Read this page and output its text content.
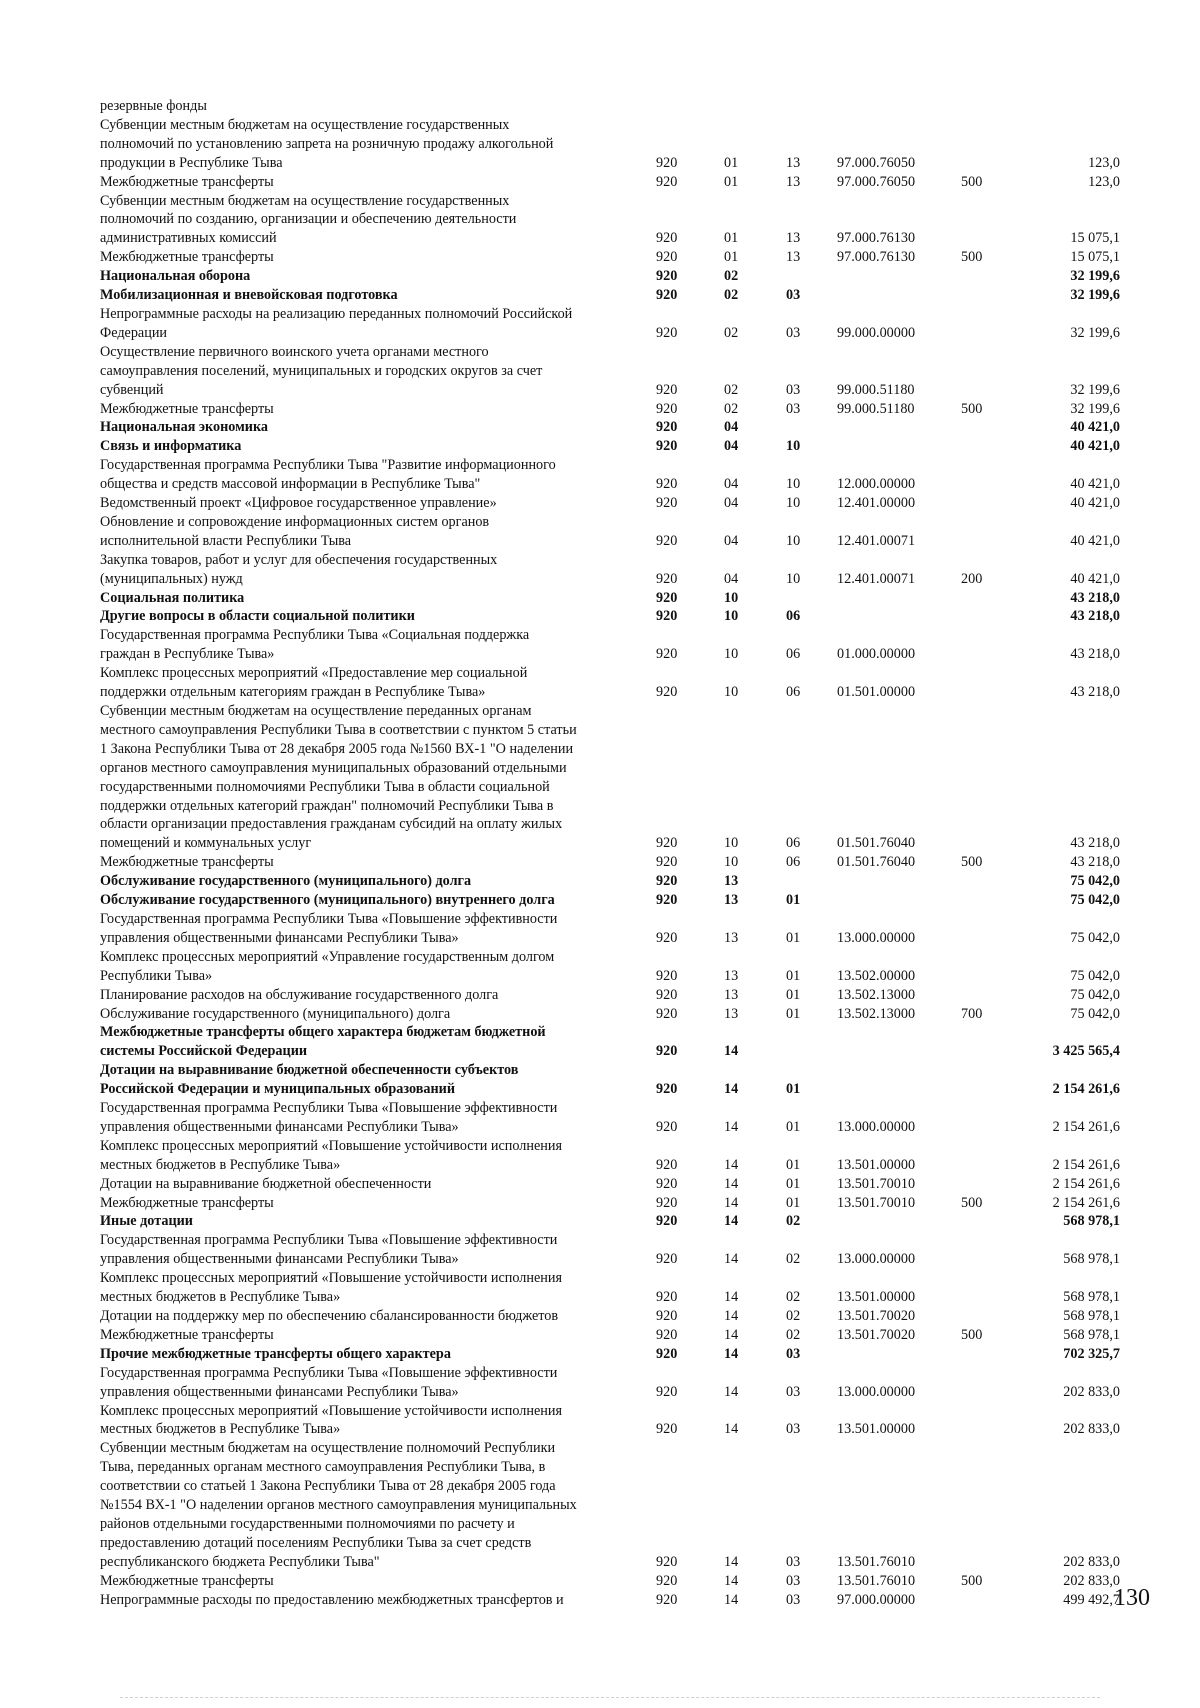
резервные фонды
Субвенции местным бюджетам на осуществление государственных
полномочий по установлению запрета на розничную продажу алкогольной
продукции в Республике Тыва	920	01	13	97.000.76050	123,0
Межбюджетные трансферты	920	01	13	97.000.76050	500	123,0
Субвенции местным бюджетам на осуществление государственных
полномочий по созданию, организации и обеспечению деятельности
административных комиссий	920	01	13	97.000.76130	15 075,1
Межбюджетные трансферты	920	01	13	97.000.76130	500	15 075,1
Национальная оборона	920	02	32 199,6
Мобилизационная и вневойсковая подготовка	920	02	03	32 199,6
Непрограммные расходы на реализацию переданных полномочий Российской
Федерации	920	02	03	99.000.00000	32 199,6
Осуществление первичного воинского учета органами местного
самоуправления поселений, муниципальных и городских округов за счет
субвенций	920	02	03	99.000.51180	32 199,6
Межбюджетные трансферты	920	02	03	99.000.51180	500	32 199,6
Национальная экономика	920	04	40 421,0
Связь и информатика	920	04	10	40 421,0
Государственная программа Республики Тыва "Развитие информационного
общества и средств массовой информации в Республике Тыва"	920	04	10	12.000.00000	40 421,0
Ведомственный проект «Цифровое государственное управление»	920	04	10	12.401.00000	40 421,0
Обновление и сопровождение информационных систем органов
исполнительной власти Республики Тыва	920	04	10	12.401.00071	40 421,0
Закупка товаров, работ и услуг для обеспечения государственных
(муниципальных) нужд	920	04	10	12.401.00071	200	40 421,0
Социальная политика	920	10	43 218,0
Другие вопросы в области социальной политики	920	10	06	43 218,0
Государственная программа Республики Тыва «Социальная поддержка
граждан в Республике Тыва»	920	10	06	01.000.00000	43 218,0
Комплекс процессных мероприятий «Предоставление мер социальной
поддержки отдельным категориям граждан в Республике Тыва»	920	10	06	01.501.00000	43 218,0
Субвенции местным бюджетам на осуществление переданных органам
местного самоуправления Республики Тыва в соответствии с пунктом 5 статьи
1 Закона Республики Тыва от 28 декабря 2005 года №1560 ВХ-1 "О наделении
органов местного самоуправления муниципальных образований отдельными
государственными полномочиями Республики Тыва в области социальной
поддержки отдельных категорий граждан" полномочий Республики Тыва в
области организации предоставления гражданам субсидий на оплату жилых
помещений и коммунальных услуг	920	10	06	01.501.76040	43 218,0
Межбюджетные трансферты	920	10	06	01.501.76040	500	43 218,0
Обслуживание государственного (муниципального) долга	920	13	75 042,0
Обслуживание государственного (муниципального) внутреннего долга	920	13	01	75 042,0
Государственная программа Республики Тыва «Повышение эффективности
управления общественными финансами Республики Тыва»	920	13	01	13.000.00000	75 042,0
Комплекс процессных мероприятий «Управление государственным долгом
Республики Тыва»	920	13	01	13.502.00000	75 042,0
Планирование расходов на обслуживание государственного долга	920	13	01	13.502.13000	75 042,0
Обслуживание государственного (муниципального) долга	920	13	01	13.502.13000	700	75 042,0
Межбюджетные трансферты общего характера бюджетам бюджетной
системы Российской Федерации	920	14	3 425 565,4
Дотации на выравнивание бюджетной обеспеченности субъектов
Российской Федерации и муниципальных образований	920	14	01	2 154 261,6
Государственная программа Республики Тыва «Повышение эффективности
управления общественными финансами Республики Тыва»	920	14	01	13.000.00000	2 154 261,6
Комплекс процессных мероприятий «Повышение устойчивости исполнения
местных бюджетов в Республике Тыва»	920	14	01	13.501.00000	2 154 261,6
Дотации на выравнивание бюджетной обеспеченности	920	14	01	13.501.70010	2 154 261,6
Межбюджетные трансферты	920	14	01	13.501.70010	500	2 154 261,6
Иные дотации	920	14	02	568 978,1
Государственная программа Республики Тыва «Повышение эффективности
управления общественными финансами Республики Тыва»	920	14	02	13.000.00000	568 978,1
Комплекс процессных мероприятий «Повышение устойчивости исполнения
местных бюджетов в Республике Тыва»	920	14	02	13.501.00000	568 978,1
Дотации на поддержку мер по обеспечению сбалансированности бюджетов	920	14	02	13.501.70020	568 978,1
Межбюджетные трансферты	920	14	02	13.501.70020	500	568 978,1
Прочие межбюджетные трансферты общего характера	920	14	03	702 325,7
Государственная программа Республики Тыва «Повышение эффективности
управления общественными финансами Республики Тыва»	920	14	03	13.000.00000	202 833,0
Комплекс процессных мероприятий «Повышение устойчивости исполнения
местных бюджетов в Республике Тыва»	920	14	03	13.501.00000	202 833,0
Субвенции местным бюджетам на осуществление полномочий Республики
Тыва, переданных органам местного самоуправления Республики Тыва, в
соответствии со статьей 1 Закона Республики Тыва от 28 декабря 2005 года
№1554 ВХ-1 "О наделении органов местного самоуправления муниципальных
районов отдельными государственными полномочиями по расчету и
предоставлению дотаций поселениям Республики Тыва за счет средств
республиканского бюджета Республики Тыва"	920	14	03	13.501.76010	202 833,0
Межбюджетные трансферты	920	14	03	13.501.76010	500	202 833,0
Непрограммные расходы по предоставлению межбюджетных трансфертов и	920	14	03	97.000.00000	499 492,7
130
